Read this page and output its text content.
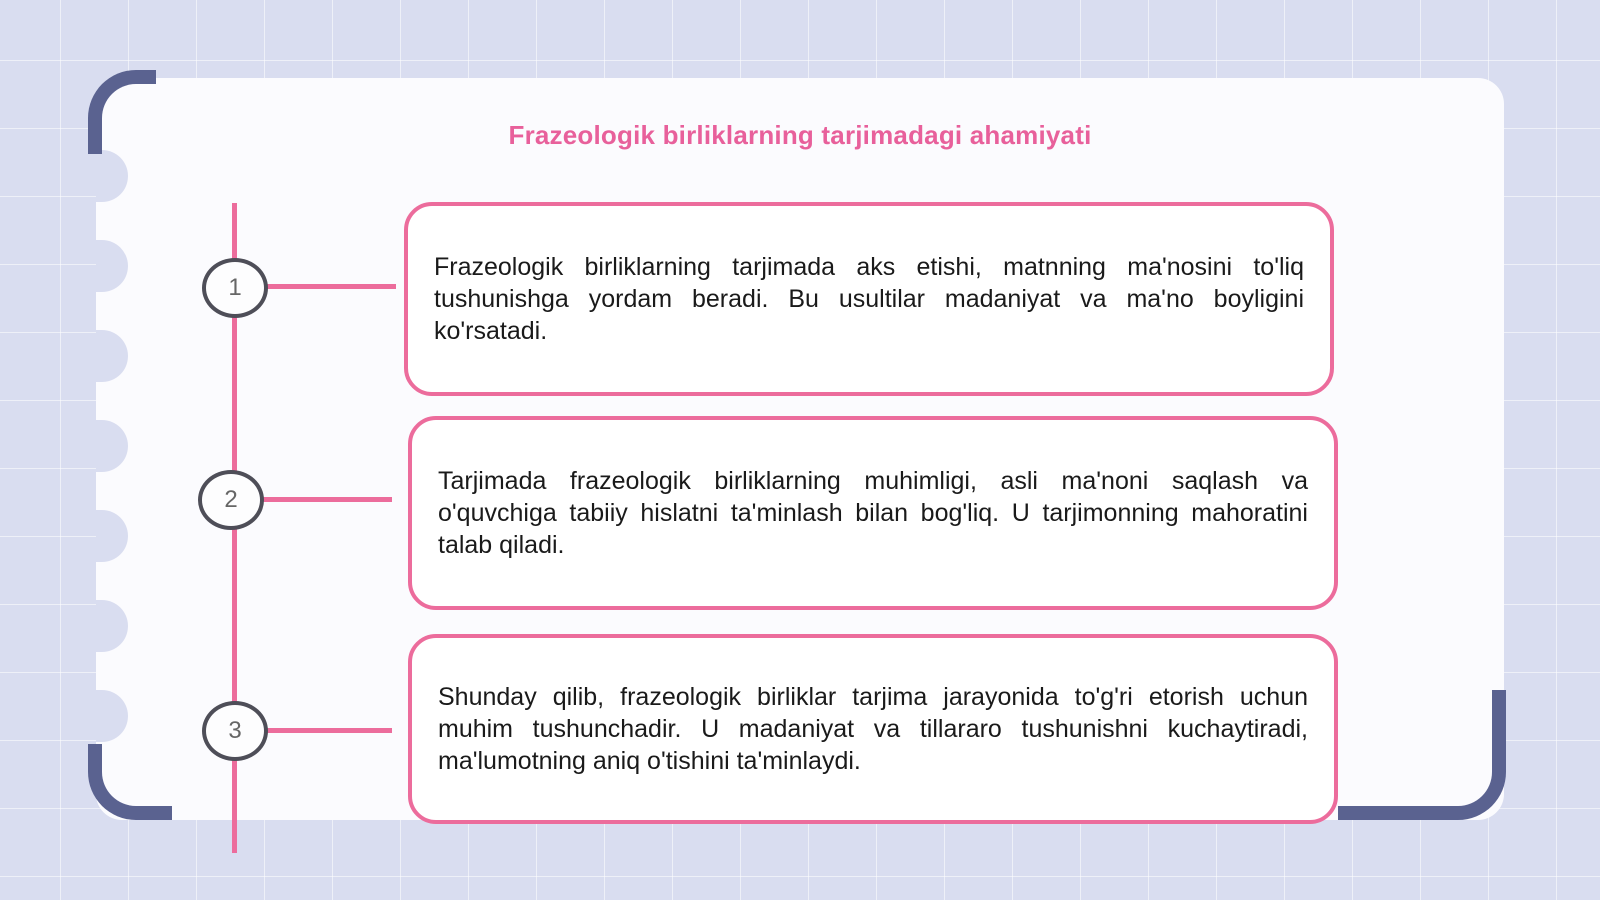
Frazeologik birliklarning tarjimadagi ahamiyati
1

Frazeologik birliklarning tarjimada aks etishi, matnning ma'nosini to'liq tushunishga yordam beradi. Bu usultilar madaniyat va ma'no boyligini ko'rsatadi.

2

Tarjimada frazeologik birliklarning muhimligi, asli ma'noni saqlash va o'quvchiga tabiiy hislatni ta'minlash bilan bog'liq. U tarjimonning mahoratini talab qiladi.

3

Shunday qilib, frazeologik birliklar tarjima jarayonida to'g'ri etorish uchun muhim tushunchadir. U madaniyat va tillararo tushunishni kuchaytiradi, ma'lumotning aniq o'tishini ta'minlaydi.
